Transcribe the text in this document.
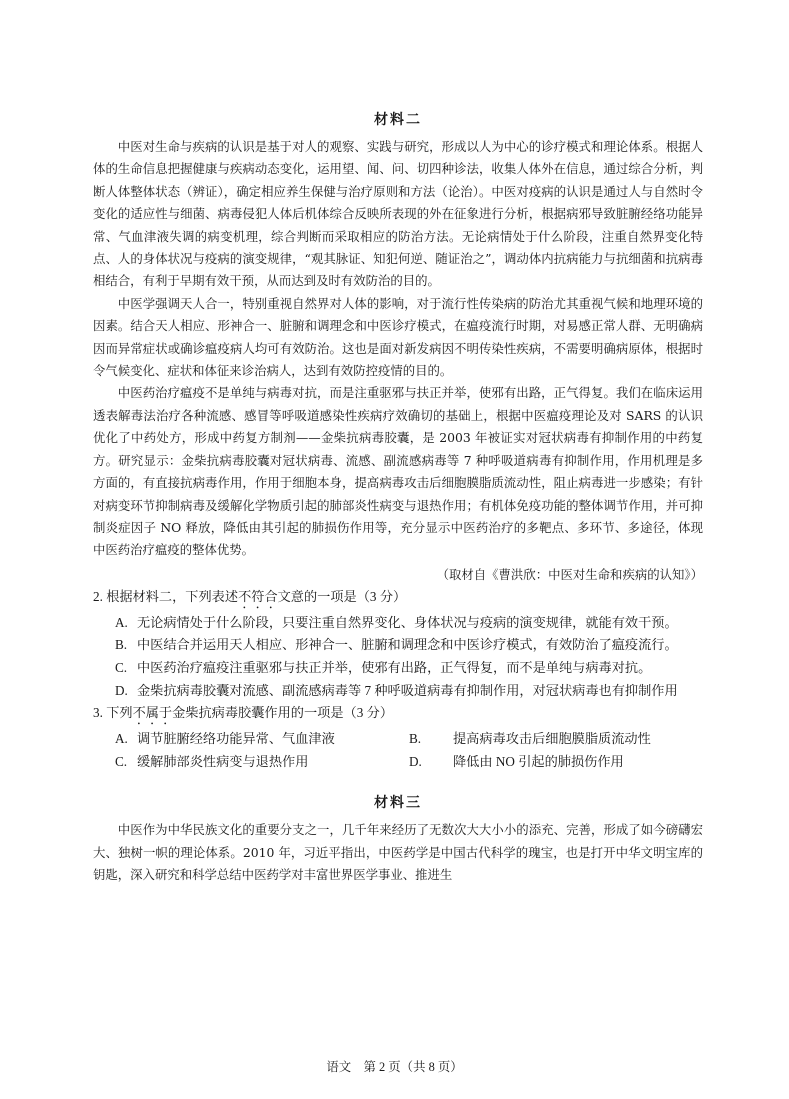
材料二

中医对生命与疾病的认识是基于对人的观察、实践与研究，形成以人为中心的诊疗模式和理论体系。根据人体的生命信息把握健康与疾病动态变化，运用望、闻、问、切四种诊法，收集人体外在信息，通过综合分析，判断人体整体状态（辨证），确定相应养生保健与治疗原则和方法（论治）。中医对疫病的认识是通过人与自然时令变化的适应性与细菌、病毒侵犯人体后机体综合反映所表现的外在征象进行分析，根据病邪导致脏腑经络功能异常、气血津液失调的病变机理，综合判断而采取相应的防治方法。无论病情处于什么阶段，注重自然界变化特点、人的身体状况与疫病的演变规律，“观其脉证、知犯何逆、随证治之”，调动体内抗病能力与抗细菌和抗病毒相结合，有利于早期有效干预，从而达到及时有效防治的目的。

中医学强调天人合一，特别重视自然界对人体的影响，对于流行性传染病的防治尤其重视气候和地理环境的因素。结合天人相应、形神合一、脏腑和调理念和中医诊疗模式，在瘟疫流行时期，对易感正常人群、无明确病因而异常症状或确诊瘟疫病人均可有效防治。这也是面对新发病因不明传染性疾病，不需要明确病原体，根据时令气候变化、症状和体征来诊治病人，达到有效防控疫情的目的。

中医药治疗瘟疫不是单纯与病毒对抗，而是注重驱邪与扶正并举，使邪有出路，正气得复。我们在临床运用透表解毒法治疗各种流感、感冒等呼吸道感染性疾病疗效确切的基础上，根据中医瘟疫理论及对 SARS 的认识优化了中药处方，形成中药复方制剂——金柴抗病毒胶囊，是 2003 年被证实对冠状病毒有抑制作用的中药复方。研究显示：金柴抗病毒胶囊对冠状病毒、流感、副流感病毒等 7 种呼吸道病毒有抑制作用，作用机理是多方面的，有直接抗病毒作用，作用于细胞本身，提高病毒攻击后细胞膜脂质流动性，阻止病毒进一步感染；有针对病变环节抑制病毒及缓解化学物质引起的肺部炎性病变与退热作用；有机体免疫功能的整体调节作用，并可抑制炎症因子 NO 释放，降低由其引起的肺损伤作用等，充分显示中医药治疗的多靶点、多环节、多途径，体现中医药治疗瘟疫的整体优势。

（取材自《曹洪欣：中医对生命和疾病的认知》）

2. 根据材料二，下列表述不符合文意的一项是（3 分）
A. 无论病情处于什么阶段，只要注重自然界变化、身体状况与疫病的演变规律，就能有效干预。
B. 中医结合并运用天人相应、形神合一、脏腑和调理念和中医诊疗模式，有效防治了瘟疫流行。
C. 中医药治疗瘟疫注重驱邪与扶正并举，使邪有出路，正气得复，而不是单纯与病毒对抗。
D. 金柴抗病毒胶囊对流感、副流感病毒等 7 种呼吸道病毒有抑制作用，对冠状病毒也有抑制作用
3. 下列不属于金柴抗病毒胶囊作用的一项是（3 分）
A. 调节脏腑经络功能异常、气血津液	B. 提高病毒攻击后细胞膜脂质流动性
C. 缓解肺部炎性病变与退热作用	D. 降低由 NO 引起的肺损伤作用
材料三

中医作为中华民族文化的重要分支之一，几千年来经历了无数次大大小小的添充、完善，形成了如今磅礴宏大、独树一帜的理论体系。2010 年，习近平指出，中医药学是中国古代科学的瑰宝，也是打开中华文明宝库的钥匙，深入研究和科学总结中医药学对丰富世界医学事业、推进生

语文　第 2 页（共 8 页）
